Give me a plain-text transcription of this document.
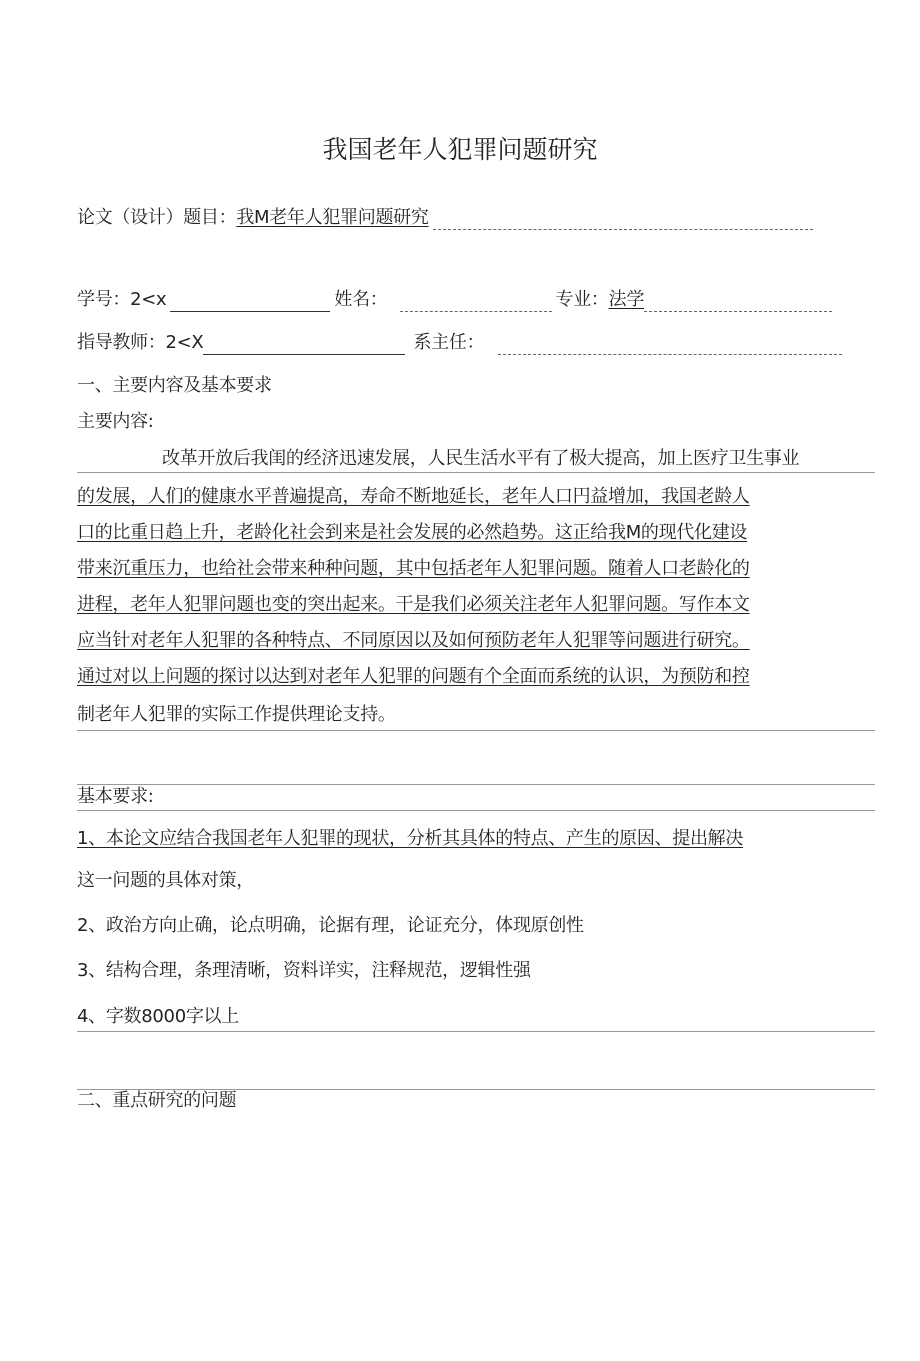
我国老年人犯罪问题研究
论文（设计）题目：我M老年人犯罪问题研究
学号：2<x	姓名：	专业：法学
指导教师：2<X	系主任：
一、主要内容及基本要求
主要内容:
改革开放后我闺的经济迅速发展，人民生活水平有了极大提高，加上医疗卫生事业
的发展，人们的健康水平普遍提高，寿命不断地延长，老年人口円益增加，我国老龄人
口的比重日趋上升，老龄化社会到来是社会发展的必然趋势。这正给我M的现代化建设
带来沉重压力，也给社会带来种种问题，其中包括老年人犯罪问题。随着人口老龄化的
进程，老年人犯罪问题也变的突出起来。干是我们必须关注老年人犯罪问题。写作本文
应当针对老年人犯罪的各种特点、不同原因以及如何预防老年人犯罪等问题进行研究。
通过对以上问题的探讨以达到对老年人犯罪的问题有个全面而系统的认识，为预防和控
制老年人犯罪的实际工作提供理论支持。
基本要求:
1、本论文应结合我国老年人犯罪的现状，分析其具体的特点、产生的原因、提出解决
这一问题的具体对策，
2、政治方向止确，论点明确，论据有理，论证充分，体现原创性
3、结构合理，条理清晰，资料详实，注释规范，逻辑性强
4、字数8000字以上
二、重点研究的问题
